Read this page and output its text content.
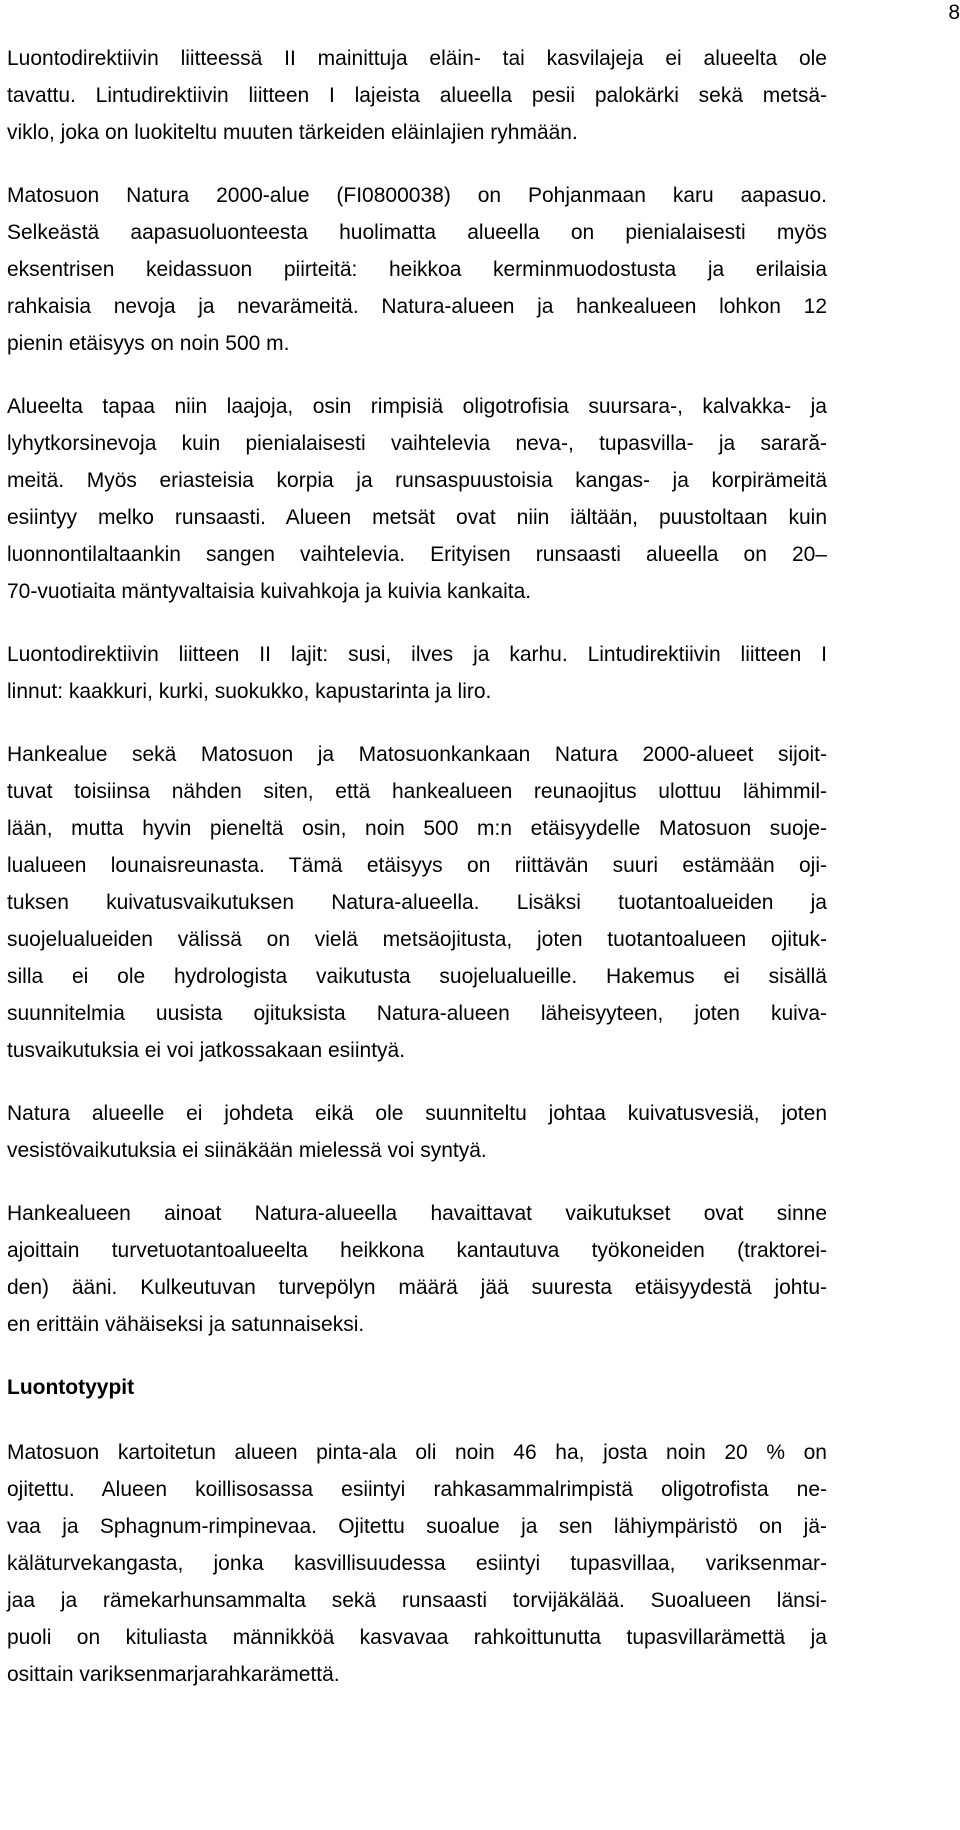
8

Luontodirektiivin liitteessä II mainittuja eläin- tai kasvilajeja ei alueelta ole
tavattu. Lintudirektiivin liitteen I lajeista alueella pesii palokärki sekä metsä-
viklo, joka on luokiteltu muuten tärkeiden eläinlajien ryhmään.

Matosuon Natura 2000-alue (FI0800038) on Pohjanmaan karu aapasuo.
Selkeästä aapasuoluonteesta huolimatta alueella on pienialaisesti myös
eksentrisen keidassuon piirteitä: heikkoa kerminmuodostusta ja erilaisia
rahkaisia nevoja ja nevarämeitä. Natura-alueen ja hankealueen lohkon 12
pienin etäisyys on noin 500 m.

Alueelta tapaa niin laajoja, osin rimpisiä oligotrofisia suursara-, kalvakka- ja
lyhytkorsinevoja kuin pienialaisesti vaihtelevia neva-, tupasvilla- ja sarară-
meitä. Myös eriasteisia korpia ja runsaspuustoisia kangas- ja korpirämeitä
esiintyy melko runsaasti. Alueen metsät ovat niin iältään, puustoltaan kuin
luonnontilaltaankin sangen vaihtelevia. Erityisen runsaasti alueella on 20–
70-vuotiaita mäntyvaltaisia kuivahkoja ja kuivia kankaita.

Luontodirektiivin liitteen II lajit: susi, ilves ja karhu. Lintudirektiivin liitteen I
linnut: kaakkuri, kurki, suokukko, kapustarinta ja liro.

Hankealue sekä Matosuon ja Matosuonkankaan Natura 2000-alueet sijoit-
tuvat toisiinsa nähden siten, että hankealueen reunaojitus ulottuu lähimmil-
lään, mutta hyvin pieneltä osin, noin 500 m:n etäisyydelle Matosuon suoje-
lualueen lounaisreunasta. Tämä etäisyys on riittävän suuri estämään oji-
tuksen kuivatusvaikutuksen Natura-alueella. Lisäksi tuotantoalueiden ja
suojelualueiden välissä on vielä metsäojitusta, joten tuotantoalueen ojituk-
silla ei ole hydrologista vaikutusta suojelualueille. Hakemus ei sisällä
suunnitelmia uusista ojituksista Natura-alueen läheisyyteen, joten kuiva-
tusvaikutuksia ei voi jatkossakaan esiintyä.

Natura alueelle ei johdeta eikä ole suunniteltu johtaa kuivatusvesiä, joten
vesistövaikutuksia ei siinäkään mielessä voi syntyä.

Hankealueen ainoat Natura-alueella havaittavat vaikutukset ovat sinne
ajoittain turvetuotantoalueelta heikkona kantautuva työkoneiden (traktorei-
den) ääni. Kulkeutuvan turvepölyn määrä jää suuresta etäisyydestä johtu-
en erittäin vähäiseksi ja satunnaiseksi.

Luontotyypit

Matosuon kartoitetun alueen pinta-ala oli noin 46 ha, josta noin 20 % on
ojitettu. Alueen koillisosassa esiintyi rahkasammalrimpistä oligotrofista ne-
vaa ja Sphagnum-rimpinevaa. Ojitettu suoalue ja sen lähiympäristö on jä-
käläturvekangasta, jonka kasvillisuudessa esiintyi tupasvillaa, variksenmar-
jaa ja rämekarhunsammalta sekä runsaasti torvijäkälää. Suoalueen länsi-
puoli on kituliasta männikköä kasvavaa rahkoittunutta tupasvillarämettä ja
osittain variksenmarjarahkarämettä.
